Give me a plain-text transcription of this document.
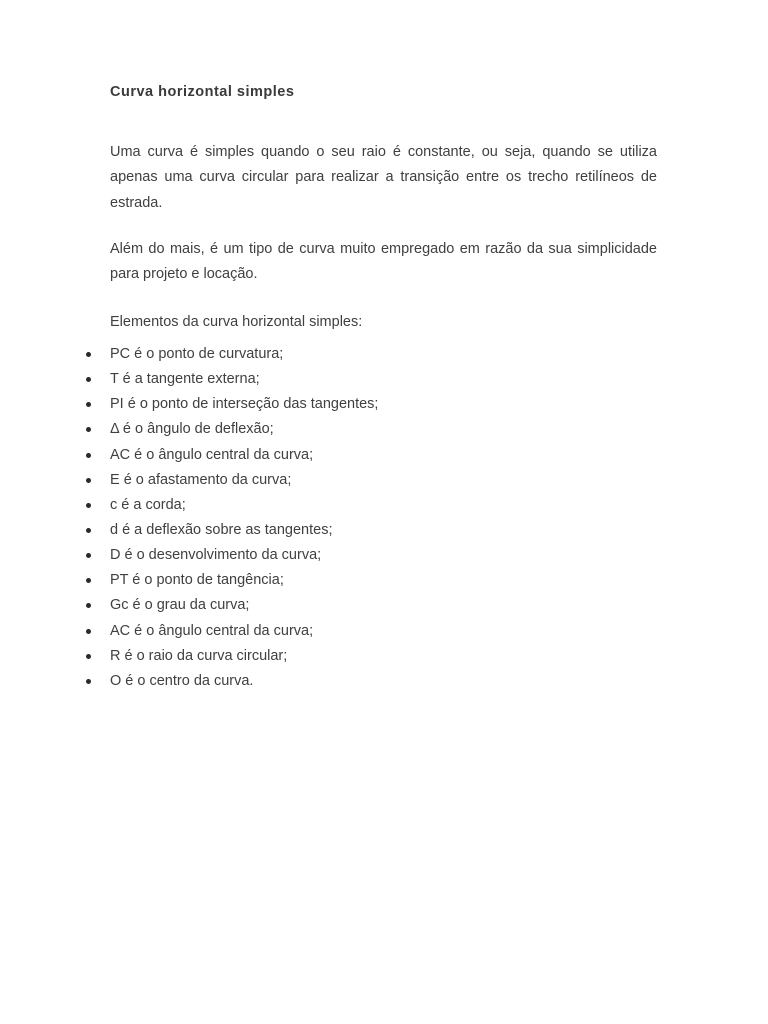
Curva horizontal simples

Uma curva é simples quando o seu raio é constante, ou seja, quando se utiliza apenas uma curva circular para realizar a transição entre os trecho retilíneos de estrada.

Além do mais, é um tipo de curva muito empregado em razão da sua simplicidade para projeto e locação.

Elementos da curva horizontal simples:

PC é o ponto de curvatura;
T é a tangente externa;
PI é o ponto de interseção das tangentes;
Δ é o ângulo de deflexão;
AC é o ângulo central da curva;
E é o afastamento da curva;
c é a corda;
d é a deflexão sobre as tangentes;
D é o desenvolvimento da curva;
PT é o ponto de tangência;
Gc é o grau da curva;
AC é o ângulo central da curva;
R é o raio da curva circular;
O é o centro da curva.
